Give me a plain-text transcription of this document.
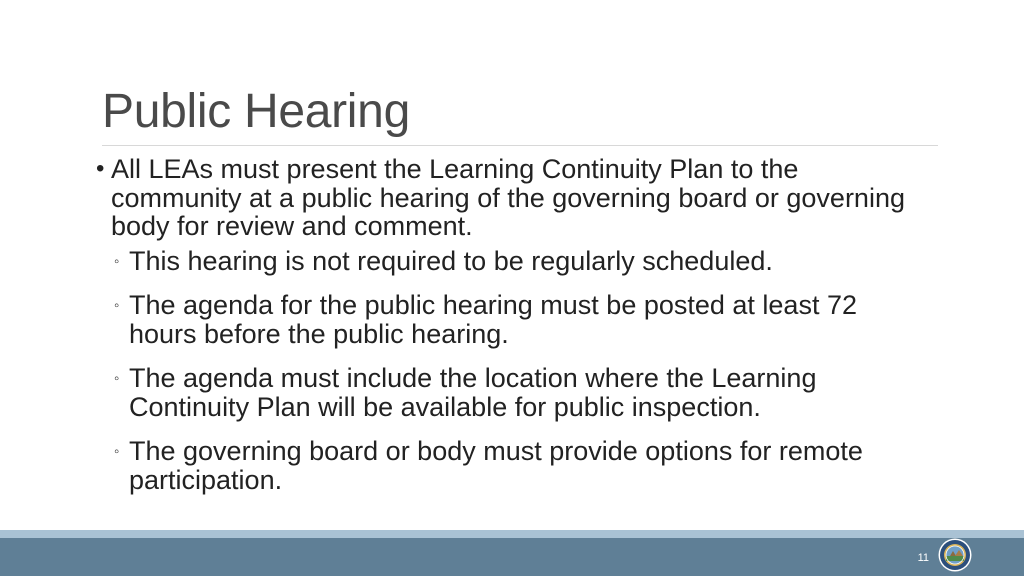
Public Hearing
• All LEAs must present the Learning Continuity Plan to the community at a public hearing of the governing board or governing body for review and comment.
◦ This hearing is not required to be regularly scheduled.
◦ The agenda for the public hearing must be posted at least 72 hours before the public hearing.
◦ The agenda must include the location where the Learning Continuity Plan will be available for public inspection.
◦ The governing board or body must provide options for remote participation.
11
